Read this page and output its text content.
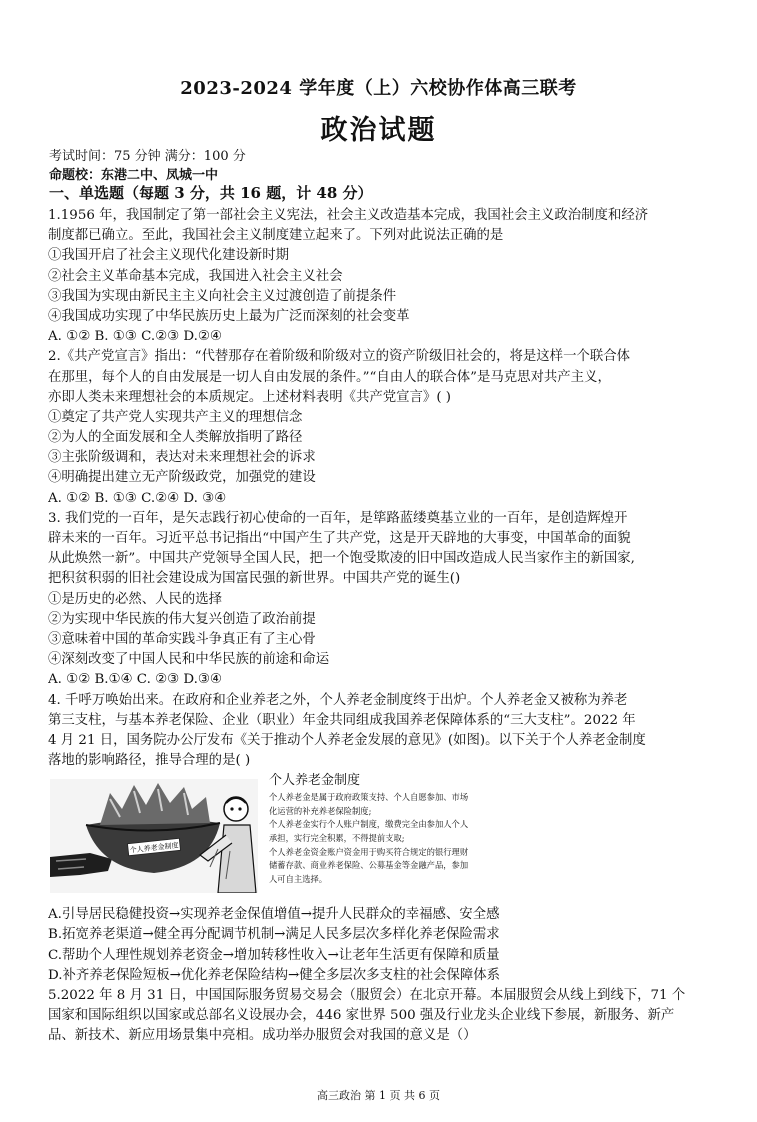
2023-2024 学年度（上）六校协作体高三联考
政治试题
考试时间：75 分钟 满分：100 分
命题校：东港二中、凤城一中
一、单选题（每题 3 分，共 16 题，计 48 分）
1.1956 年，我国制定了第一部社会主义宪法，社会主义改造基本完成，我国社会主义政治制度和经济
制度都已确立。至此，我国社会主义制度建立起来了。下列对此说法正确的是
①我国开启了社会主义现代化建设新时期
②社会主义革命基本完成，我国进入社会主义社会
③我国为实现由新民主主义向社会主义过渡创造了前提条件
④我国成功实现了中华民族历史上最为广泛而深刻的社会变革
A. ①② B. ①③ C.②③ D.②④
2.《共产党宣言》指出：“代替那存在着阶级和阶级对立的资产阶级旧社会的，将是这样一个联合体
在那里，每个人的自由发展是一切人自由发展的条件。”“自由人的联合体”是马克思对共产主义，
亦即人类未来理想社会的本质规定。上述材料表明《共产党宣言》( )
①奠定了共产党人实现共产主义的理想信念
②为人的全面发展和全人类解放指明了路径
③主张阶级调和，表达对未来理想社会的诉求
④明确提出建立无产阶级政党，加强党的建设
A. ①② B. ①③ C.②④ D. ③④
3. 我们党的一百年，是矢志践行初心使命的一百年，是筚路蓝缕奠基立业的一百年，是创造辉煌开
辟未来的一百年。习近平总书记指出“中国产生了共产党，这是开天辟地的大事变，中国革命的面貌
从此焕然一新”。中国共产党领导全国人民，把一个饱受欺凌的旧中国改造成人民当家作主的新国家,
把积贫积弱的旧社会建设成为国富民强的新世界。中国共产党的诞生()
①是历史的必然、人民的选择
②为实现中华民族的伟大复兴创造了政治前提
③意味着中国的革命实践斗争真正有了主心骨
④深刻改变了中国人民和中华民族的前途和命运
A. ①② B.①④ C. ②③ D.③④
4. 千呼万唤始出来。在政府和企业养老之外，个人养老金制度终于出炉。个人养老金又被称为养老
第三支柱，与基本养老保险、企业（职业）年金共同组成我国养老保障体系的“三大支柱”。2022 年
4 月 21 日，国务院办公厅发布《关于推动个人养老金发展的意见》(如图)。以下关于个人养老金制度
落地的影响路径，推导合理的是( )
个人养老金制度
个人养老金制度
个人养老金是属于政府政策支持、个人自愿参加、市场
化运营的补充养老保险制度;
个人养老金实行个人账户制度，缴费完全由参加人个人
承担，实行完全积累，不得提前支取;
个人养老金资金账户资金用于购买符合规定的银行理财
储蓄存款、商业养老保险、公募基金等金融产品，参加
人可自主选择。
A.引导居民稳健投资→实现养老金保值增值→提升人民群众的幸福感、安全感
B.拓宽养老渠道→健全再分配调节机制→满足人民多层次多样化养老保险需求
C.帮助个人理性规划养老资金→增加转移性收入→让老年生活更有保障和质量
D.补齐养老保险短板→优化养老保险结构→健全多层次多支柱的社会保障体系
5.2022 年 8 月 31 日，中国国际服务贸易交易会（服贸会）在北京开幕。本届服贸会从线上到线下，71 个
国家和国际组织以国家或总部名义设展办会，446 家世界 500 强及行业龙头企业线下参展，新服务、新产
品、新技术、新应用场景集中亮相。成功举办服贸会对我国的意义是（）
高三政治 第 1 页 共 6 页
